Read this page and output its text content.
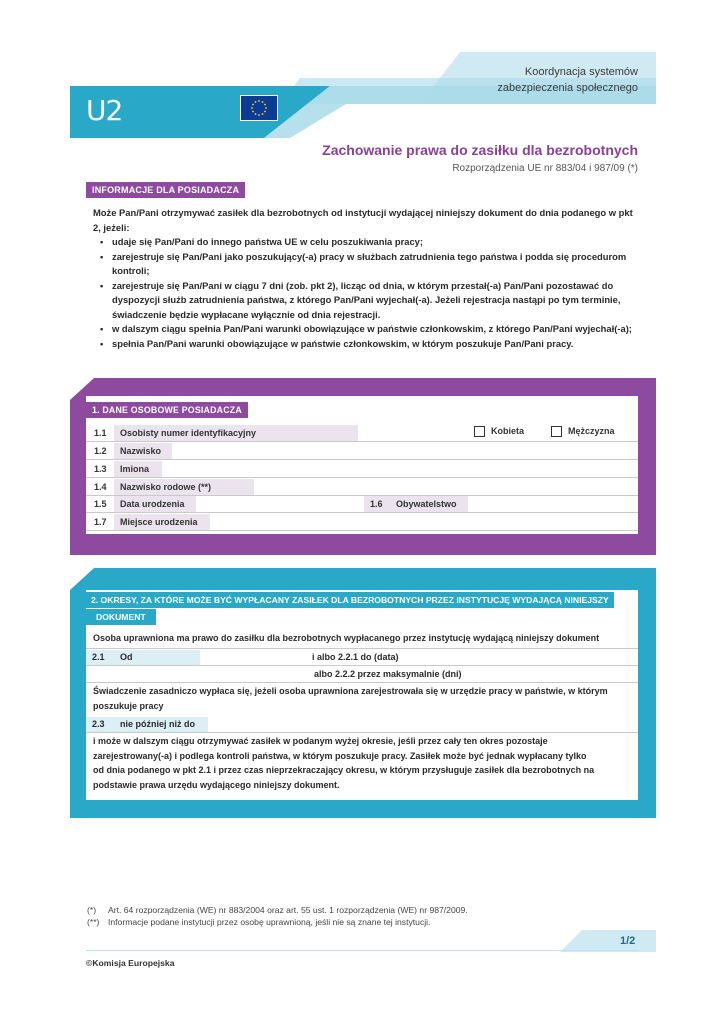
Koordynacja systemów
zabezpieczenia społecznego
U2
Zachowanie prawa do zasiłku dla bezrobotnych
Rozporządzenia UE nr 883/04 i 987/09 (*)
INFORMACJE DLA POSIADACZA
Może Pan/Pani otrzymywać zasiłek dla bezrobotnych od instytucji wydającej niniejszy dokument do dnia podanego w pkt 2, jeżeli:
• udaje się Pan/Pani do innego państwa UE w celu poszukiwania pracy;
• zarejestruje się Pan/Pani jako poszukujący(-a) pracy w służbach zatrudnienia tego państwa i podda się procedurom kontroli;
• zarejestruje się Pan/Pani w ciągu 7 dni (zob. pkt 2), licząc od dnia, w którym przestał(-a) Pan/Pani pozostawać do dyspozycji służb zatrudnienia państwa, z którego Pan/Pani wyjechał(-a). Jeżeli rejestracja nastąpi po tym terminie, świadczenie będzie wypłacane wyłącznie od dnia rejestracji.
• w dalszym ciągu spełnia Pan/Pani warunki obowiązujące w państwie członkowskim, z którego Pan/Pani wyjechał(-a);
• spełnia Pan/Pani warunki obowiązujące w państwie członkowskim, w którym poszukuje Pan/Pani pracy.
1. DANE OSOBOWE POSIADACZA
1.1	Osobisty numer identyfikacyjny	Kobieta	Mężczyzna
1.2	Nazwisko
1.3	Imiona
1.4	Nazwisko rodowe (**)
1.5	Data urodzenia	1.6	Obywatelstwo
1.7	Miejsce urodzenia
2. OKRESY, ZA KTÓRE MOŻE BYĆ WYPŁACANY ZASIŁEK DLA BEZROBOTNYCH PRZEZ INSTYTUCJĘ WYDAJĄCĄ NINIEJSZY
DOKUMENT
Osoba uprawniona ma prawo do zasiłku dla bezrobotnych wypłacanego przez instytucję wydającą niniejszy dokument
2.1	Od	i albo 2.2.1 do (data)
albo 2.2.2 przez maksymalnie (dni)
Świadczenie zasadniczo wypłaca się, jeżeli osoba uprawniona zarejestrowała się w urzędzie pracy w państwie, w którym poszukuje pracy
2.3	nie później niż do
i może w dalszym ciągu otrzymywać zasiłek w podanym wyżej okresie, jeśli przez cały ten okres pozostaje
zarejestrowany(-a) i podlega kontroli państwa, w którym poszukuje pracy. Zasiłek może być jednak wypłacany tylko
od dnia podanego w pkt 2.1 i przez czas nieprzekraczający okresu, w którym przysługuje zasiłek dla bezrobotnych na
podstawie prawa urzędu wydającego niniejszy dokument.
(*)	Art. 64 rozporządzenia (WE) nr 883/2004 oraz art. 55 ust. 1 rozporządzenia (WE) nr 987/2009.
(**) Informacje podane instytucji przez osobę uprawnioną, jeśli nie są znane tej instytucji.
1/2
©Komisja Europejska
